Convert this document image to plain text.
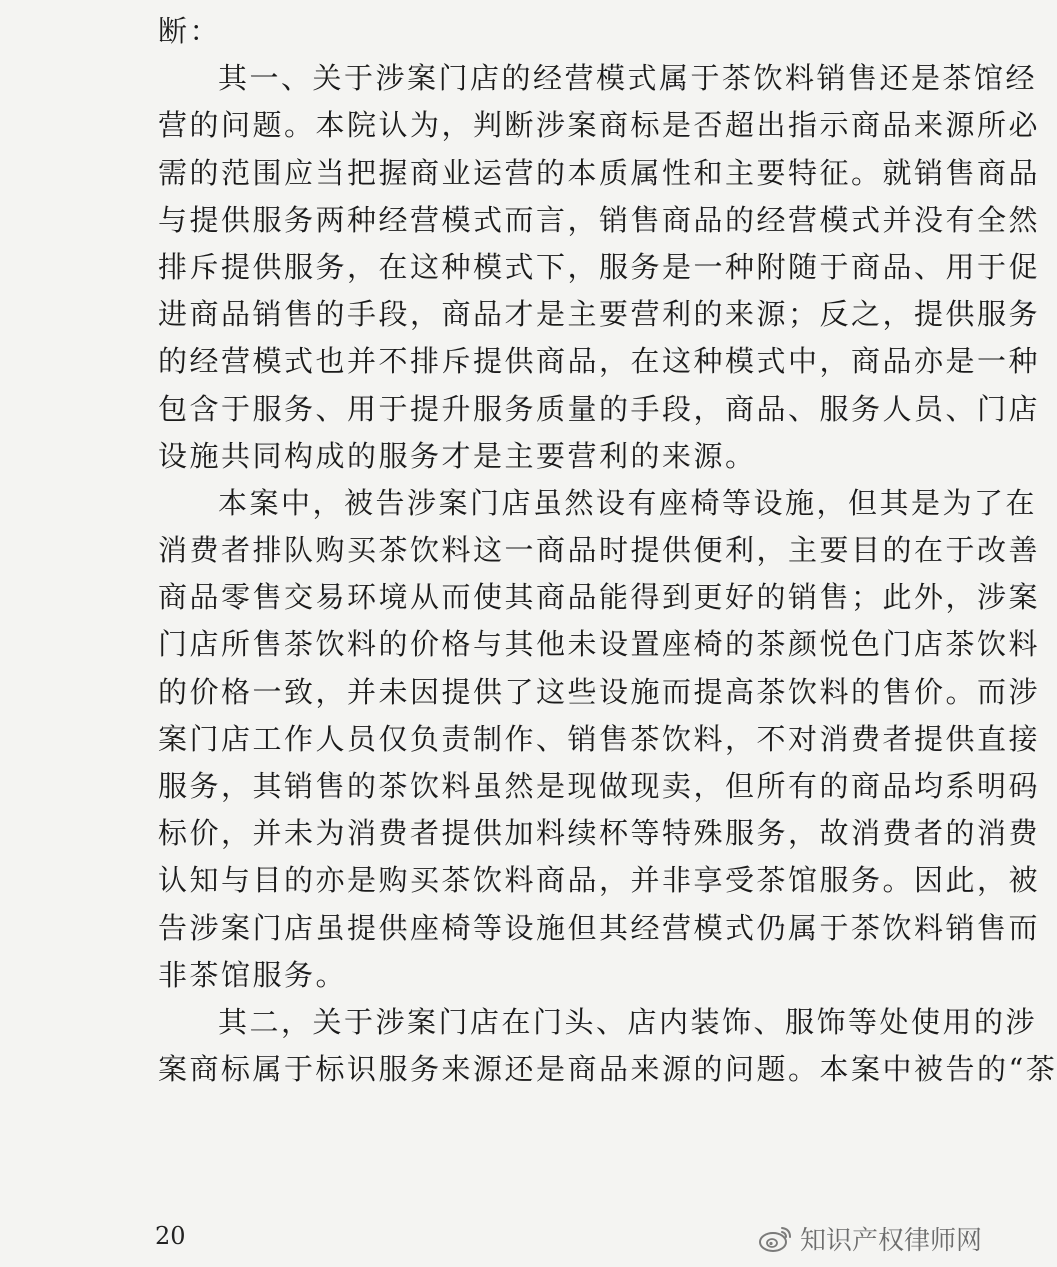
断：
其一、关于涉案门店的经营模式属于茶饮料销售还是茶馆经
营的问题。本院认为，判断涉案商标是否超出指示商品来源所必
需的范围应当把握商业运营的本质属性和主要特征。就销售商品
与提供服务两种经营模式而言，销售商品的经营模式并没有全然
排斥提供服务，在这种模式下，服务是一种附随于商品、用于促
进商品销售的手段，商品才是主要营利的来源；反之，提供服务
的经营模式也并不排斥提供商品，在这种模式中，商品亦是一种
包含于服务、用于提升服务质量的手段，商品、服务人员、门店
设施共同构成的服务才是主要营利的来源。
本案中，被告涉案门店虽然设有座椅等设施，但其是为了在
消费者排队购买茶饮料这一商品时提供便利，主要目的在于改善
商品零售交易环境从而使其商品能得到更好的销售；此外，涉案
门店所售茶饮料的价格与其他未设置座椅的茶颜悦色门店茶饮料
的价格一致，并未因提供了这些设施而提高茶饮料的售价。而涉
案门店工作人员仅负责制作、销售茶饮料，不对消费者提供直接
服务，其销售的茶饮料虽然是现做现卖，但所有的商品均系明码
标价，并未为消费者提供加料续杯等特殊服务，故消费者的消费
认知与目的亦是购买茶饮料商品，并非享受茶馆服务。因此，被
告涉案门店虽提供座椅等设施但其经营模式仍属于茶饮料销售而
非茶馆服务。
其二，关于涉案门店在门头、店内装饰、服饰等处使用的涉
案商标属于标识服务来源还是商品来源的问题。本案中被告的“茶
20	知识产权律师网
